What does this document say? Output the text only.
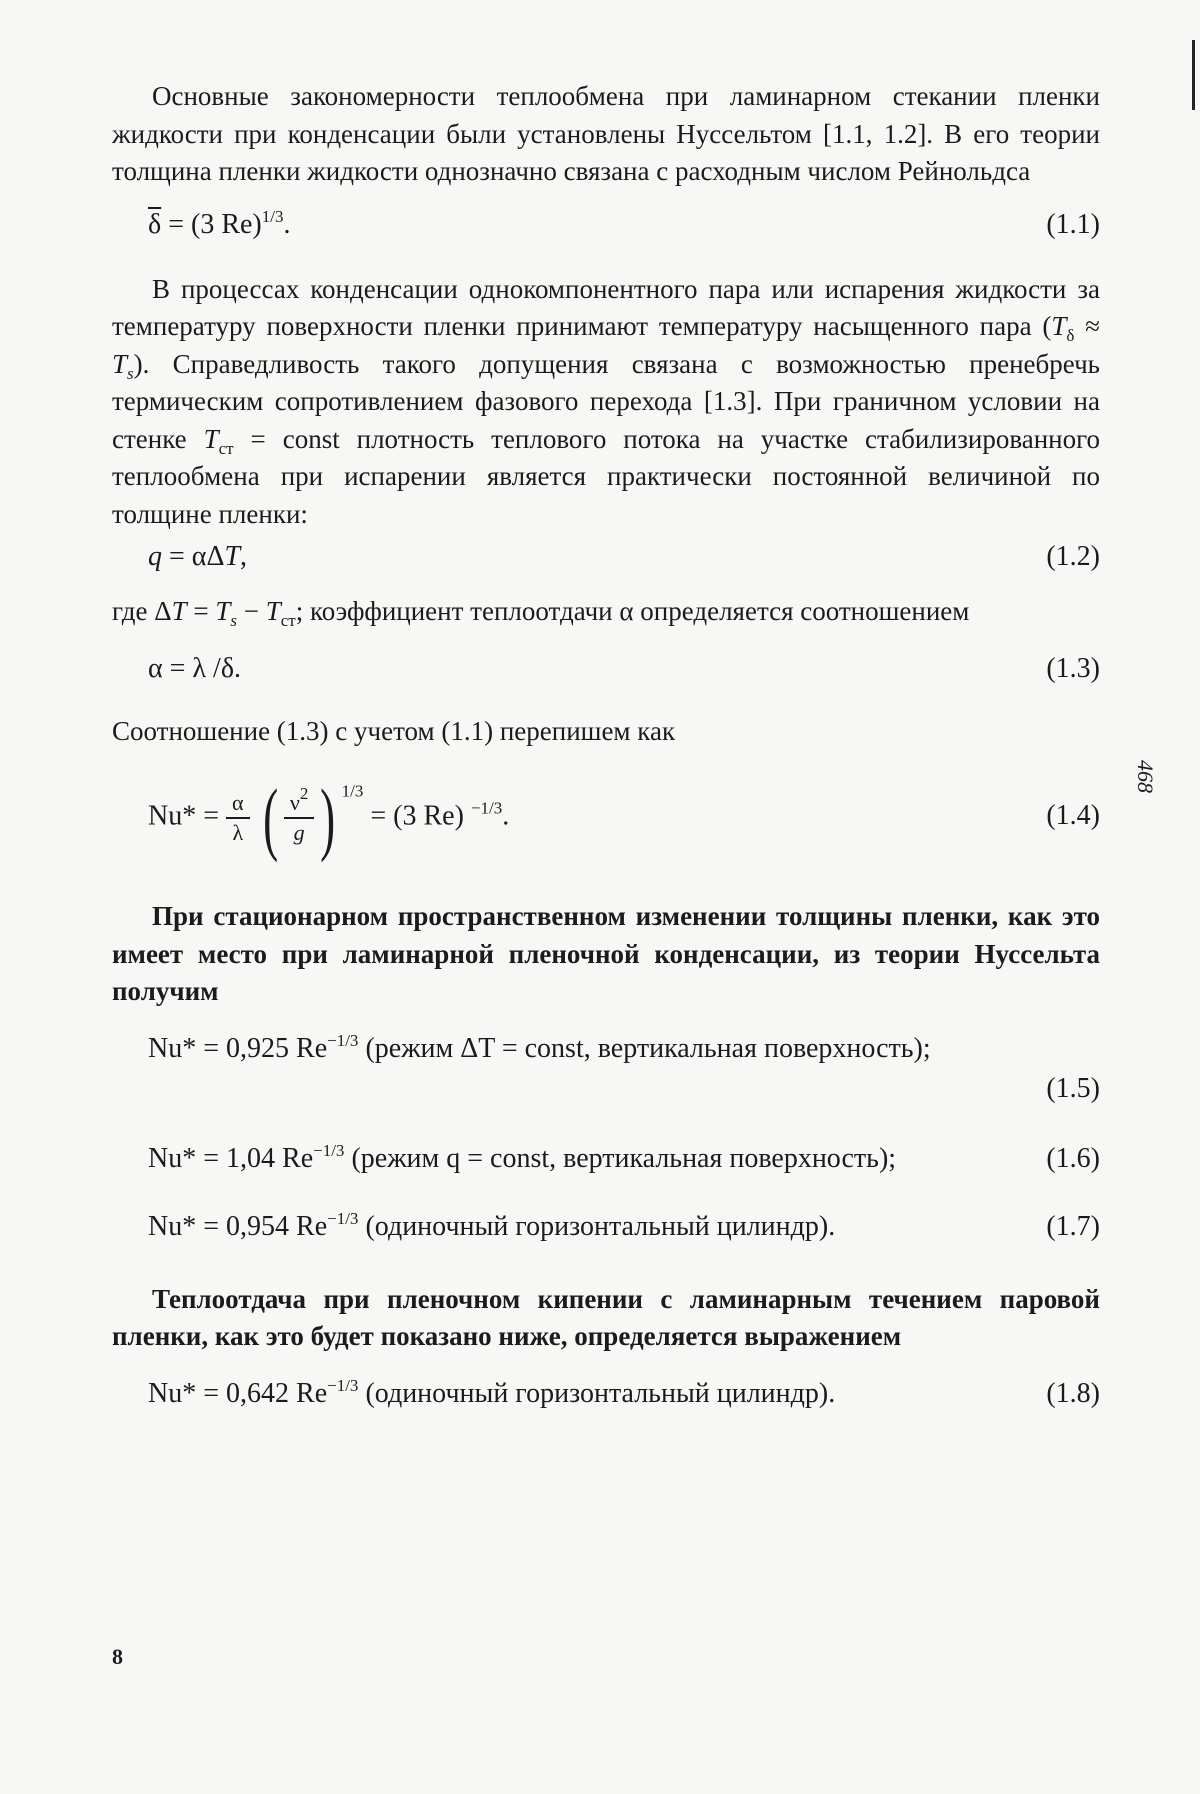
468

Основные закономерности теплообмена при ламинарном стекании пленки жидкости при конденсации были установлены Нуссельтом [1.1, 1.2]. В его теории толщина пленки жидкости однозначно связана с расходным числом Рейнольдса

$\overline{\delta} = (3$ Re)$^{1/3}$.	(1.1)

В процессах конденсации однокомпонентного пара или испарения жидкости за температуру поверхности пленки принимают температуру насыщенного пара $(T_\delta \approx T_s)$. Справедливость такого допущения связана с возможностью пренебречь термическим сопротивлением фазового перехода [1.3]. При граничном условии на стенке $T_{ст}$ = const плотность теплового потока на участке стабилизированного теплообмена при испарении является практически постоянной величиной по толщине пленки:

q = αΔT,	(1.2)

где $\Delta T = T_s - T_{ст}$; коэффициент теплоотдачи α определяется соотношением

α = λ /δ.	(1.3)

Соотношение (1.3) с учетом (1.1) перепишем как

$Nu* = \frac{\alpha}{\lambda}$ ( $\frac{\nu^2}{g}$ ) $^{1/3}$ = (3 Re) $^{-1/3}$.	(1.4)

При стационарном пространственном изменении толщины пленки, как это имеет место при ламинарной пленочной конденсации, из теории Нуссельта получим

Nu* = 0,925 $Re^{-1/3}$ (режим ΔT = const, вертикальная поверхность);
(1.5)
Nu* = 1,04 $Re^{-1/3}$ (режим q = const, вертикальная поверхность);	(1.6)
Nu* = 0,954 $Re^{-1/3}$ (одиночный горизонтальный цилиндр).	(1.7)

Теплоотдача при пленочном кипении с ламинарным течением паровой пленки, как это будет показано ниже, определяется выражением

Nu* = 0,642 $Re^{-1/3}$ (одиночный горизонтальный цилиндр).	(1.8)
8
